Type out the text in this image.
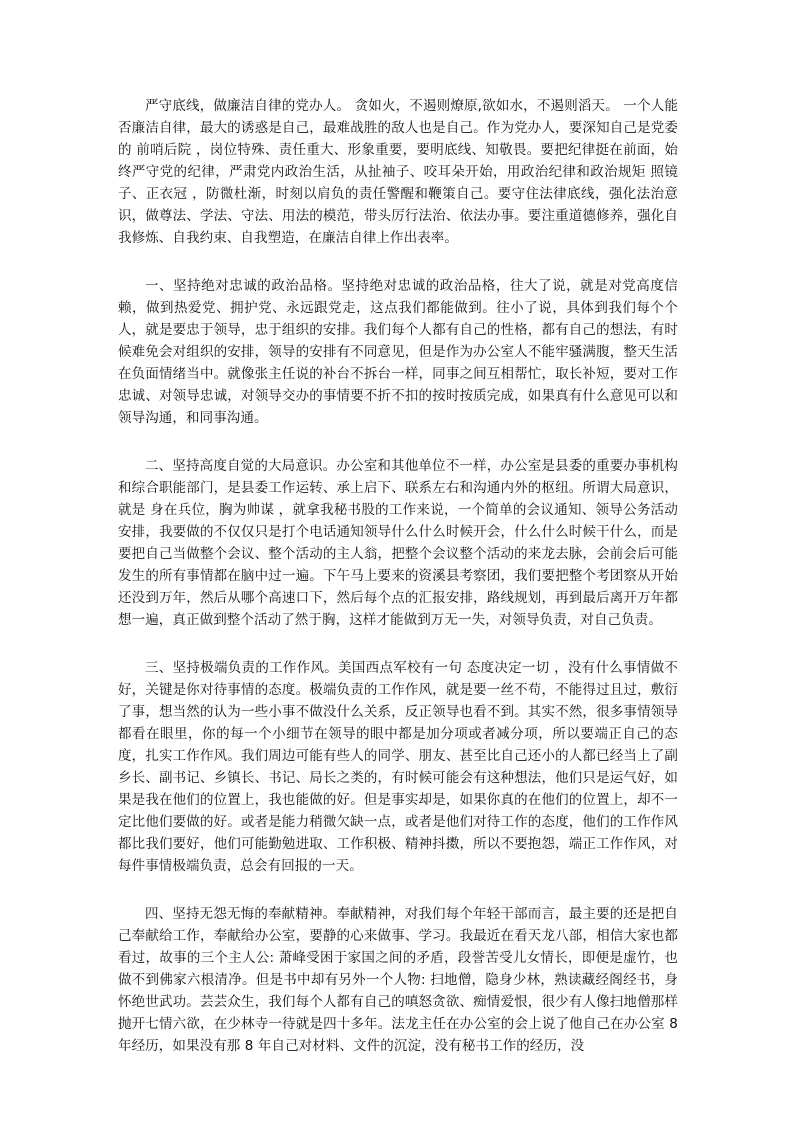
严守底线，做廉洁自律的党办人。 贪如火，不遏则燎原,欲如水，不遏则滔天。 一个人能否廉洁自律，最大的诱惑是自己，最难战胜的敌人也是自己。作为党办人，要深知自己是党委的 前哨后院 ，岗位特殊、责任重大、形象重要，要明底线、知敬畏。要把纪律挺在前面，始终严守党的纪律，严肃党内政治生活，从扯袖子、咬耳朵开始，用政治纪律和政治规矩 照镜子、正衣冠 ，防微杜渐，时刻以肩负的责任警醒和鞭策自己。要守住法律底线，强化法治意识，做尊法、学法、守法、用法的模范，带头厉行法治、依法办事。要注重道德修养，强化自我修炼、自我约束、自我塑造，在廉洁自律上作出表率。

一、坚持绝对忠诚的政治品格。坚持绝对忠诚的政治品格，往大了说，就是对党高度信赖，做到热爱党、拥护党、永远跟党走，这点我们都能做到。往小了说，具体到我们每个个人，就是要忠于领导，忠于组织的安排。我们每个人都有自己的性格，都有自己的想法，有时候难免会对组织的安排，领导的安排有不同意见，但是作为办公室人不能牢骚满腹，整天生活在负面情绪当中。就像张主任说的补台不拆台一样，同事之间互相帮忙，取长补短，要对工作忠诚、对领导忠诚，对领导交办的事情要不折不扣的按时按质完成，如果真有什么意见可以和领导沟通，和同事沟通。

二、坚持高度自觉的大局意识。办公室和其他单位不一样，办公室是县委的重要办事机构和综合职能部门，是县委工作运转、承上启下、联系左右和沟通内外的枢纽。所谓大局意识，就是 身在兵位，胸为帅谋 ，就拿我秘书股的工作来说，一个简单的会议通知、领导公务活动安排，我要做的不仅仅只是打个电话通知领导什么什么时候开会，什么什么时候干什么，而是要把自己当做整个会议、整个活动的主人翁，把整个会议整个活动的来龙去脉，会前会后可能发生的所有事情都在脑中过一遍。下午马上要来的资溪县考察团，我们要把整个考团察从开始还没到万年，然后从哪个高速口下，然后每个点的汇报安排，路线规划，再到最后离开万年都想一遍，真正做到整个活动了然于胸，这样才能做到万无一失，对领导负责，对自己负责。

三、坚持极端负责的工作作风。美国西点军校有一句 态度决定一切 ，没有什么事情做不好，关键是你对待事情的态度。极端负责的工作作风，就是要一丝不苟，不能得过且过，敷衍了事，想当然的认为一些小事不做没什么关系，反正领导也看不到。其实不然，很多事情领导都看在眼里，你的每一个小细节在领导的眼中都是加分项或者减分项，所以要端正自己的态度，扎实工作作风。我们周边可能有些人的同学、朋友、甚至比自己还小的人都已经当上了副乡长、副书记、乡镇长、书记、局长之类的，有时候可能会有这种想法，他们只是运气好，如果是我在他们的位置上，我也能做的好。但是事实却是，如果你真的在他们的位置上，却不一定比他们要做的好。或者是能力稍微欠缺一点，或者是他们对待工作的态度，他们的工作作风都比我们要好，他们可能勤勉进取、工作积极、精神抖擞，所以不要抱怨，端正工作作风，对每件事情极端负责，总会有回报的一天。

四、坚持无怨无悔的奉献精神。奉献精神，对我们每个年轻干部而言，最主要的还是把自己奉献给工作，奉献给办公室，要静的心来做事、学习。我最近在看天龙八部，相信大家也都看过，故事的三个主人公: 萧峰受困于家国之间的矛盾，段誉苦受儿女情长，即便是虚竹，也做不到佛家六根清净。但是书中却有另外一个人物: 扫地僧，隐身少林，熟读藏经阁经书，身怀绝世武功。芸芸众生，我们每个人都有自己的嗔怒贪欲、痴情爱恨，很少有人像扫地僧那样抛开七情六欲，在少林寺一待就是四十多年。法龙主任在办公室的会上说了他自己在办公室 8 年经历，如果没有那 8 年自己对材料、文件的沉淀，没有秘书工作的经历，没
